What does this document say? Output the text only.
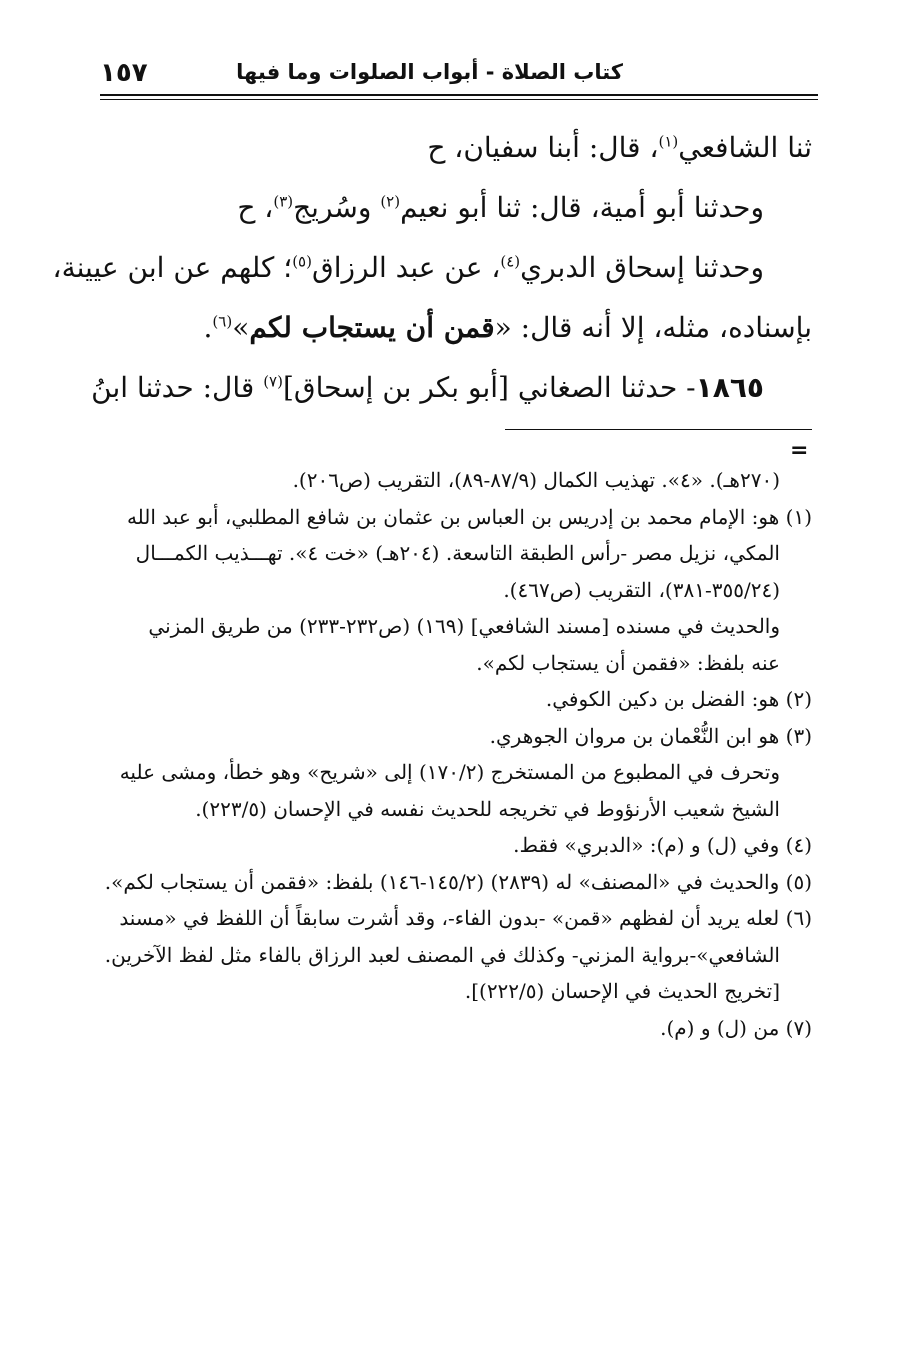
كتاب الصلاة - أبواب الصلوات وما فيها
١٥٧
ثنا الشافعي$^{(١)}$، قال: أبنا سفيان، ح
وحدثنا أبو أمية، قال: ثنا أبو نعيم$^{(٢)}$ وسُريج$^{(٣)}$، ح
وحدثنا إسحاق الدبري$^{(٤)}$، عن عبد الرزاق$^{(٥)}$؛ كلهم عن ابن عيينة،
بإسناده، مثله، إلا أنه قال: «قمن أن يستجاب لكم»$^{(٦)}$.
١٨٦٥- حدثنا الصغاني [أبو بكر بن إسحاق]$^{(٧)}$ قال: حدثنا ابنُ
=
(٢٧٠هـ). «٤». تهذيب الكمال (٨٧/٩-٨٩)، التقريب (ص٢٠٦).
(١) هو: الإمام محمد بن إدريس بن العباس بن عثمان بن شافع المطلبي، أبو عبد الله
المكي، نزيل مصر -رأس الطبقة التاسعة. (٢٠٤هـ) «خت ٤». تهـــذيب الكمـــال
(٣٥٥/٢٤-٣٨١)، التقريب (ص٤٦٧).
والحديث في مسنده [مسند الشافعي] (١٦٩) (ص٢٣٢-٢٣٣) من طريق المزني
عنه بلفظ: «فقمن أن يستجاب لكم».
(٢) هو: الفضل بن دكين الكوفي.
(٣) هو ابن النُّعْمان بن مروان الجوهري.
وتحرف في المطبوع من المستخرج (١٧٠/٢) إلى «شريح» وهو خطأ، ومشى عليه
الشيخ شعيب الأرنؤوط في تخريجه للحديث نفسه في الإحسان (٢٢٣/٥).
(٤) وفي (ل) و (م): «الدبري» فقط.
(٥) والحديث في «المصنف» له (٢٨٣٩) (١٤٥/٢-١٤٦) بلفظ: «فقمن أن يستجاب لكم».
(٦) لعله يريد أن لفظهم «قمن» -بدون الفاء-، وقد أشرت سابقاً أن اللفظ في «مسند
الشافعي»-برواية المزني- وكذلك في المصنف لعبد الرزاق بالفاء مثل لفظ الآخرين.
[تخريج الحديث في الإحسان (٢٢٢/٥)].
(٧) من (ل) و (م).
